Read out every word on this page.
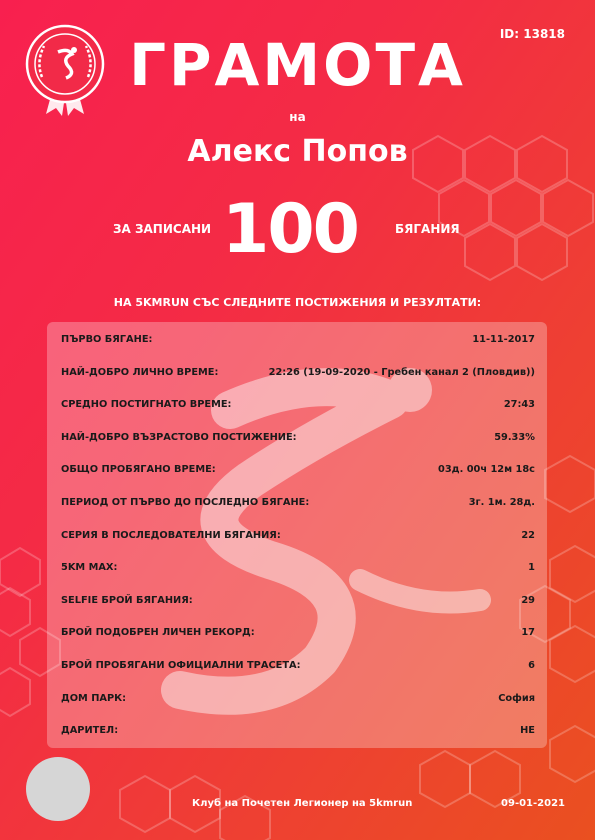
ID: 13818
ГРАМОТА
на
Алекс Попов
ЗА ЗАПИСАНИ 100	БЯГАНИЯ
НА 5KMRUN СЪС СЛЕДНИТЕ ПОСТИЖЕНИЯ И РЕЗУЛТАТИ:
ПЪРВО БЯГАНЕ:	11-11-2017
НАЙ-ДОБРО ЛИЧНО ВРЕМЕ:	22:26 (19-09-2020 - Гребен канал 2 (Пловдив))
СРЕДНО ПОСТИГНАТО ВРЕМЕ:	27:43
НАЙ-ДОБРО ВЪЗРАСТОВО ПОСТИЖЕНИЕ:	59.33%
ОБЩО ПРОБЯГАНО ВРЕМЕ:	03д. 00ч 12м 18с
ПЕРИОД ОТ ПЪРВО ДО ПОСЛЕДНО БЯГАНЕ:	3г. 1м. 28д.
СЕРИЯ В ПОСЛЕДОВАТЕЛНИ БЯГАНИЯ:	22
5KM MAX:	1
SELFIE БРОЙ БЯГАНИЯ:	29
БРОЙ ПОДОБРЕН ЛИЧЕН РЕКОРД:	17
БРОЙ ПРОБЯГАНИ ОФИЦИАЛНИ ТРАСЕТА:	6
ДОМ ПАРК:	София
ДАРИТЕЛ:	НЕ
Клуб на Почетен Легионер на 5kmrun	09-01-2021
